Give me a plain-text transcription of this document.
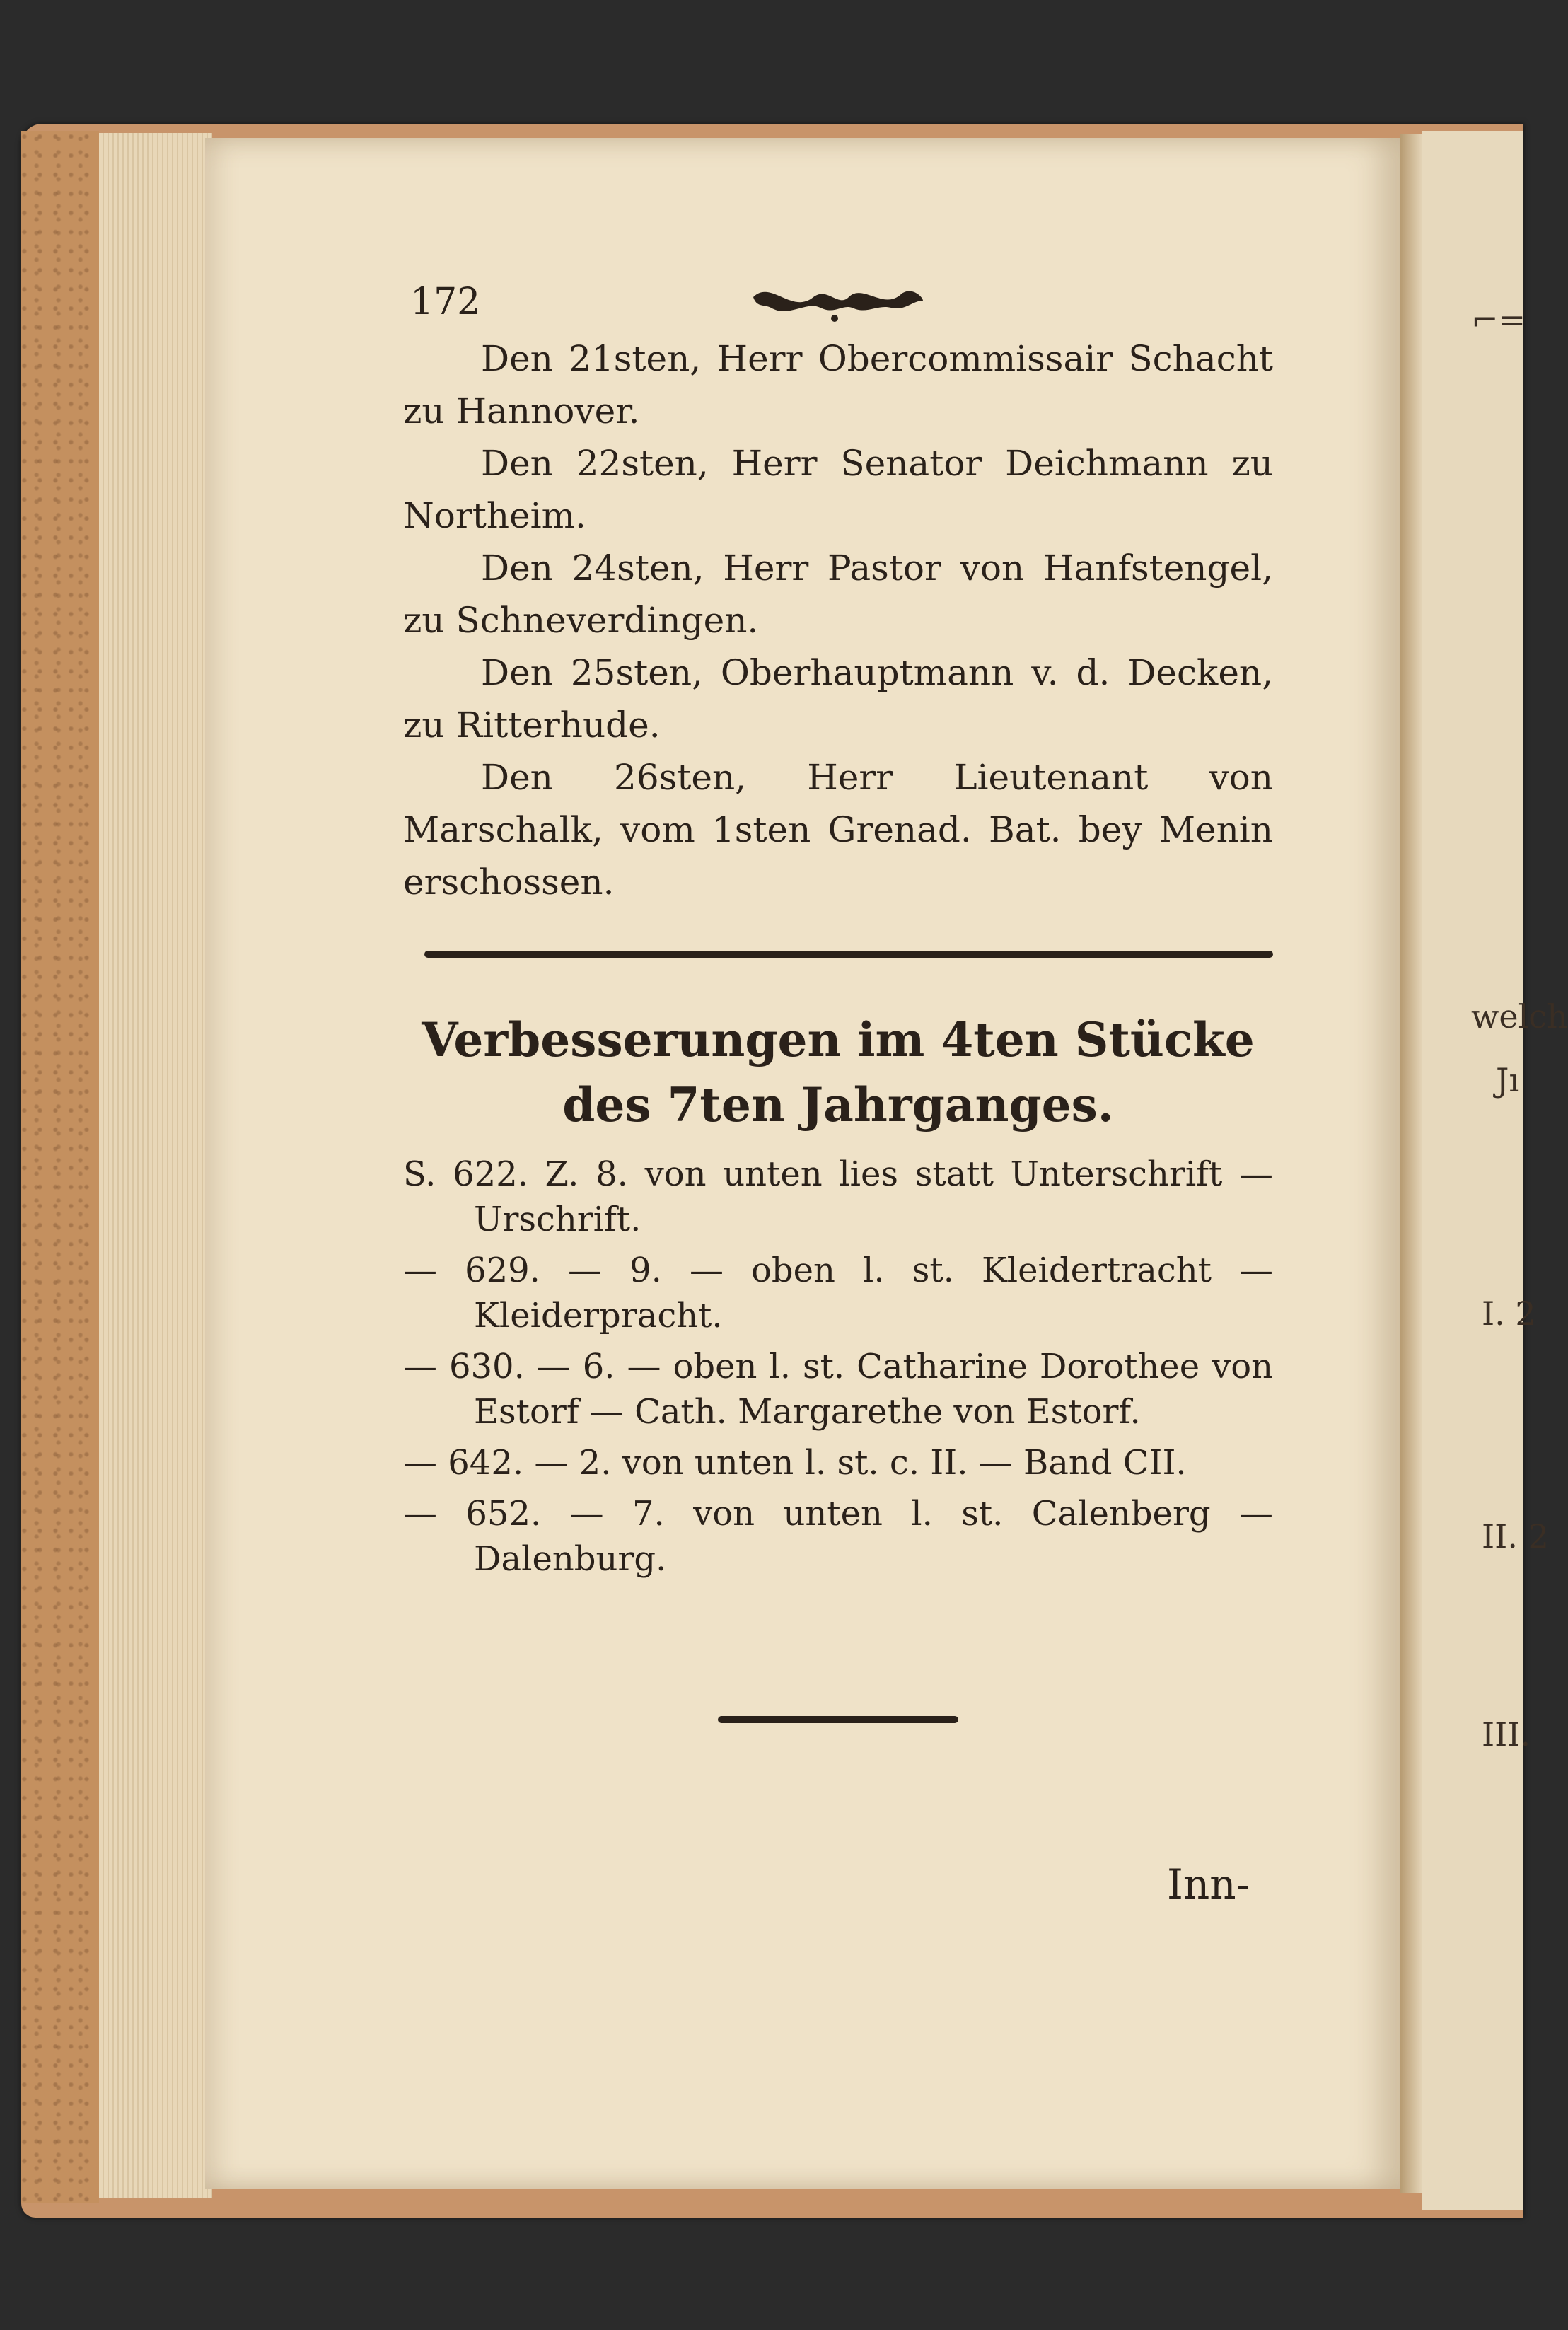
⌐=
welch
Jı
I. 2
II. 2
III.
172

Den 21sten, Herr Obercommissair Schacht zu Hannover.

Den 22sten, Herr Senator Deichmann zu Northeim.

Den 24sten, Herr Pastor von Hanfstengel, zu Schneverdingen.

Den 25sten, Oberhauptmann v. d. Decken, zu Ritterhude.

Den 26sten, Herr Lieutenant von Marschalk, vom 1sten Grenad. Bat. bey Menin erschossen.

Verbesserungen im 4ten Stücke des 7ten Jahrganges.

S. 622. Z. 8. von unten lies statt Unterschrift — Urschrift.

— 629. — 9. — oben l. st. Kleidertracht — Kleiderpracht.

— 630. — 6. — oben l. st. Catharine Dorothee von Estorf — Cath. Margarethe von Estorf.

— 642. — 2. von unten l. st. c. II. — Band CII.

— 652. — 7. von unten l. st. Calenberg — Dalenburg.

Inn-
